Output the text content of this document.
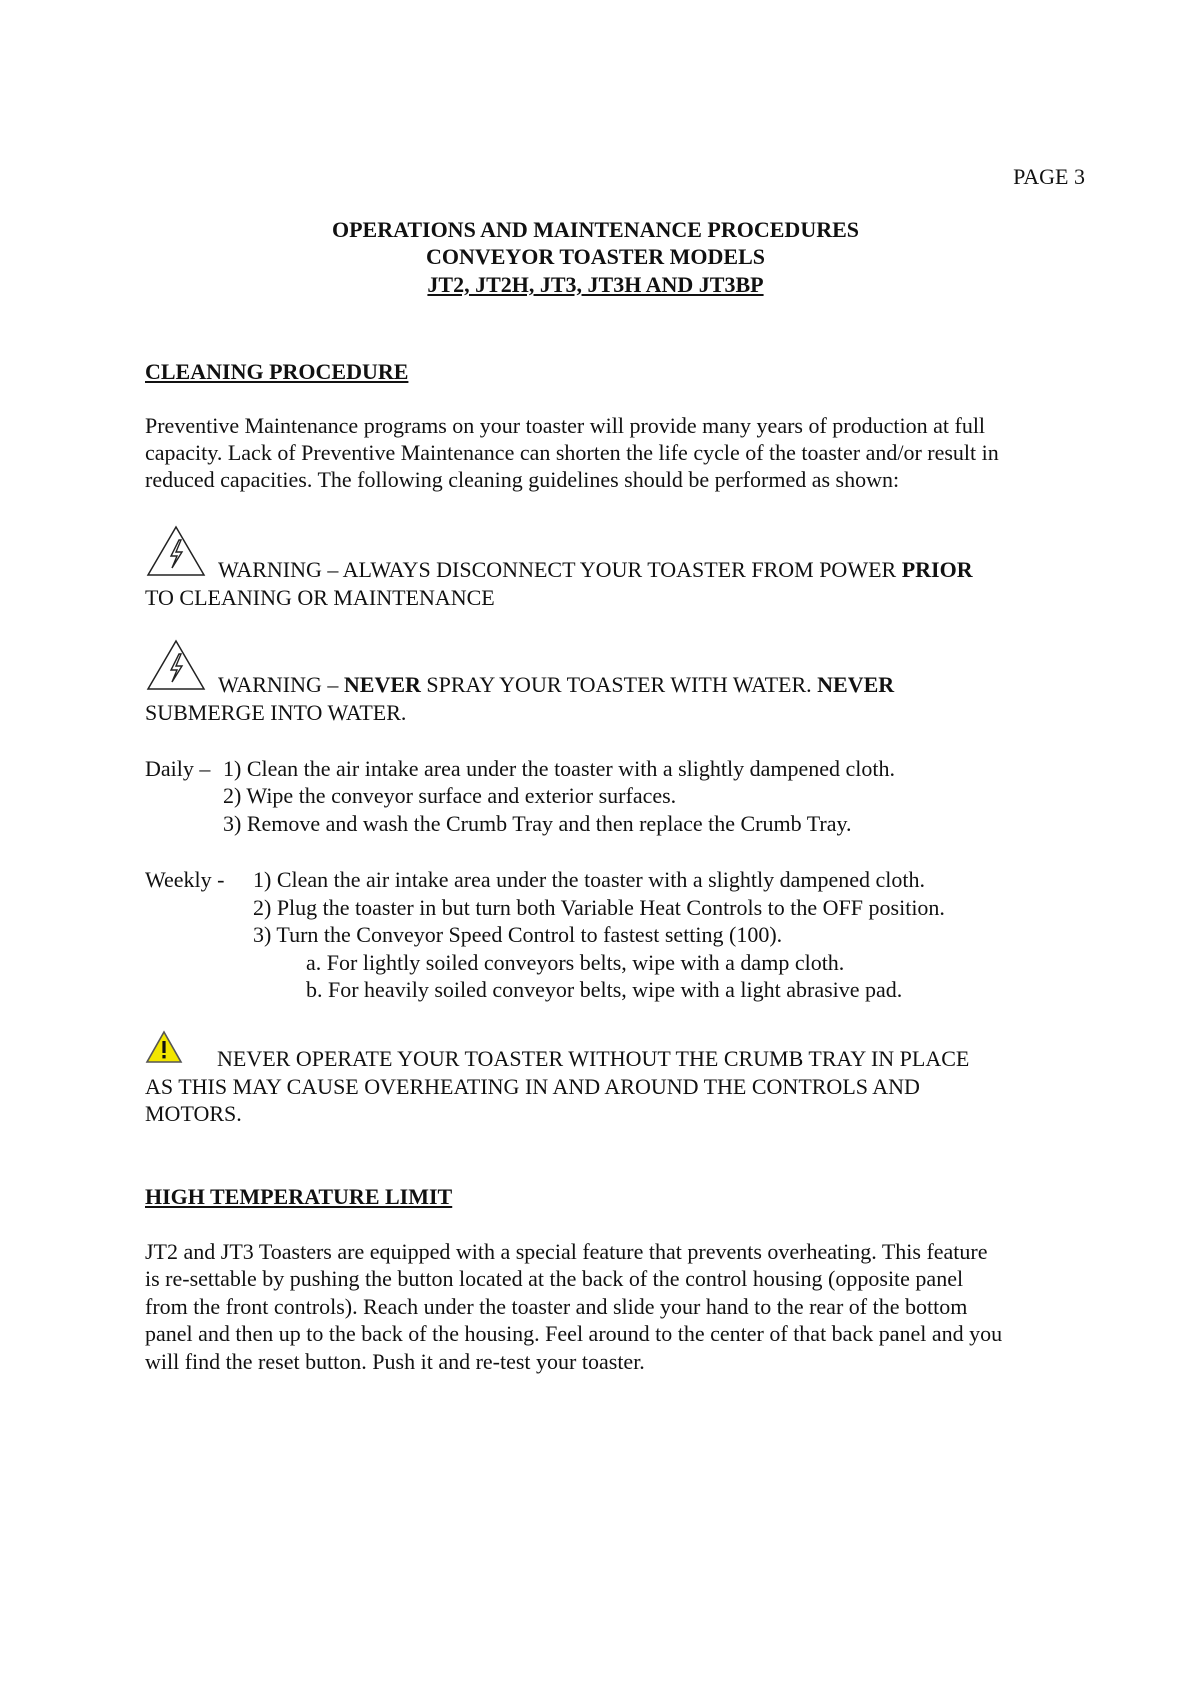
PAGE 3
OPERATIONS AND MAINTENANCE PROCEDURES
CONVEYOR TOASTER MODELS
JT2, JT2H, JT3, JT3H AND JT3BP
CLEANING PROCEDURE
Preventive Maintenance programs on your toaster will provide many years of production at full
capacity. Lack of Preventive Maintenance can shorten the life cycle of the toaster and/or result in
reduced capacities. The following cleaning guidelines should be performed as shown:
WARNING – ALWAYS DISCONNECT YOUR TOASTER FROM POWER PRIOR
TO CLEANING OR MAINTENANCE
WARNING – NEVER SPRAY YOUR TOASTER WITH WATER. NEVER
SUBMERGE INTO WATER.
Daily – 1) Clean the air intake area under the toaster with a slightly dampened cloth.
2) Wipe the conveyor surface and exterior surfaces.
3) Remove and wash the Crumb Tray and then replace the Crumb Tray.
Weekly - 1) Clean the air intake area under the toaster with a slightly dampened cloth.
2) Plug the toaster in but turn both Variable Heat Controls to the OFF position.
3) Turn the Conveyor Speed Control to fastest setting (100).
a. For lightly soiled conveyors belts, wipe with a damp cloth.
b. For heavily soiled conveyor belts, wipe with a light abrasive pad.
NEVER OPERATE YOUR TOASTER WITHOUT THE CRUMB TRAY IN PLACE
AS THIS MAY CAUSE OVERHEATING IN AND AROUND THE CONTROLS AND
MOTORS.
HIGH TEMPERATURE LIMIT
JT2 and JT3 Toasters are equipped with a special feature that prevents overheating. This feature
is re-settable by pushing the button located at the back of the control housing (opposite panel
from the front controls). Reach under the toaster and slide your hand to the rear of the bottom
panel and then up to the back of the housing. Feel around to the center of that back panel and you
will find the reset button. Push it and re-test your toaster.
